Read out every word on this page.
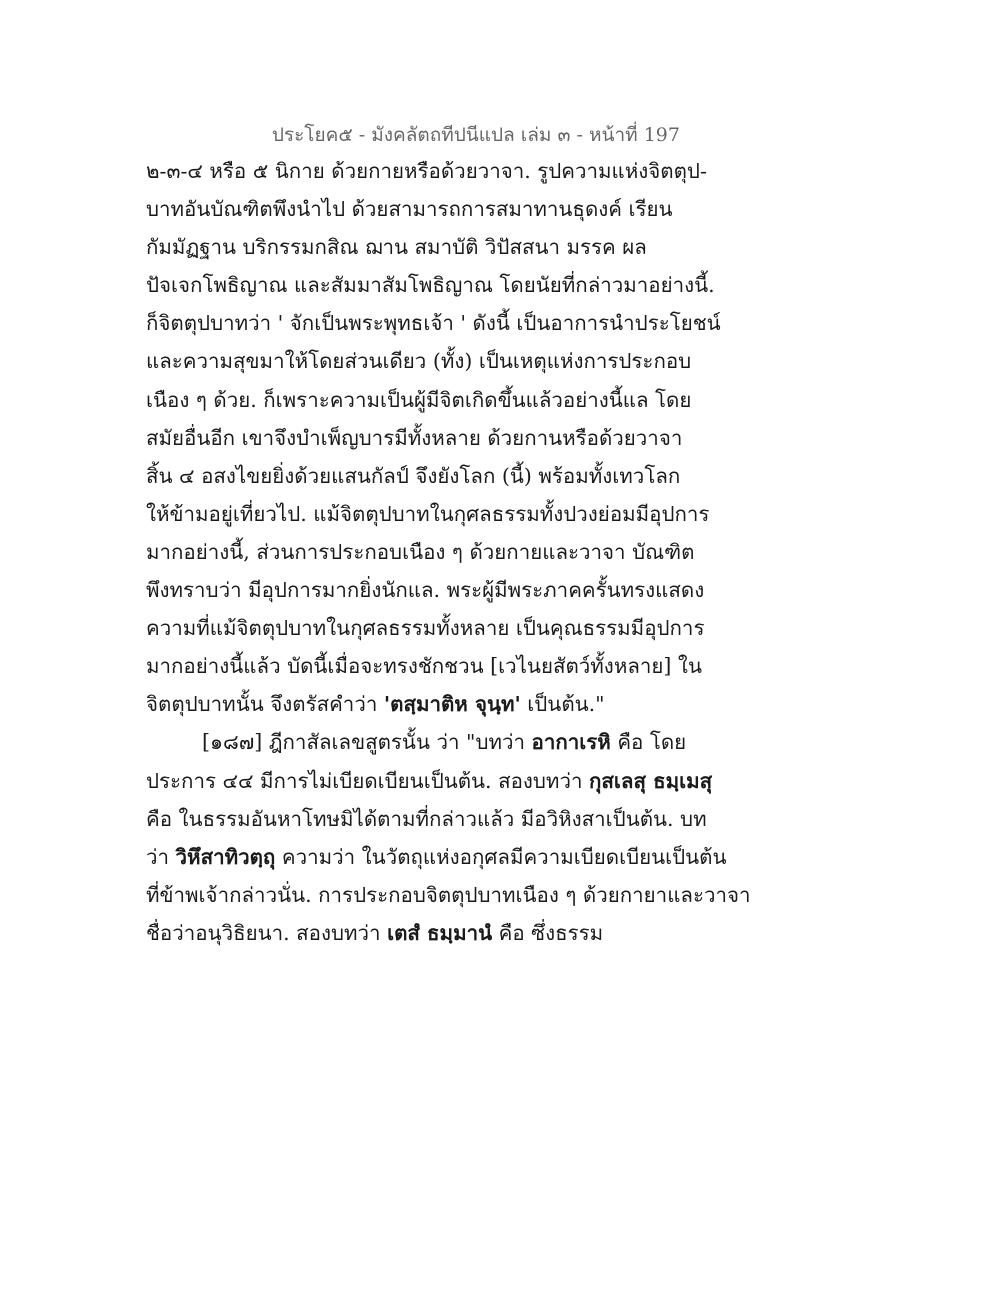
ประโยค๕ - มังคลัตถทีปนีแปล เล่ม ๓ - หน้าที่ 197
๒-๓-๔ หรือ ๕ นิกาย ด้วยกายหรือด้วยวาจา. รูปความแห่งจิตตุป-
บาทอันบัณฑิตพึงนำไป ด้วยสามารถการสมาทานธุดงค์ เรียน
กัมมัฏฐาน บริกรรมกสิณ ฌาน สมาบัติ วิปัสสนา มรรค ผล
ปัจเจกโพธิญาณ และสัมมาสัมโพธิญาณ โดยนัยที่กล่าวมาอย่างนี้.
ก็จิตตุปบาทว่า ' จักเป็นพระพุทธเจ้า ' ดังนี้ เป็นอาการนำประโยชน์
และความสุขมาให้โดยส่วนเดียว (ทั้ง) เป็นเหตุแห่งการประกอบ
เนือง ๆ ด้วย. ก็เพราะความเป็นผู้มีจิตเกิดขึ้นแล้วอย่างนี้แล โดย
สมัยอื่นอีก เขาจึงบำเพ็ญบารมีทั้งหลาย ด้วยกานหรือด้วยวาจา
สิ้น ๔ อสงไขยยิ่งด้วยแสนกัลป์ จึงยังโลก (นี้) พร้อมทั้งเทวโลก
ให้ข้ามอยู่เที่ยวไป. แม้จิตตุปบาทในกุศลธรรมทั้งปวงย่อมมีอุปการ
มากอย่างนี้, ส่วนการประกอบเนือง ๆ ด้วยกายและวาจา บัณฑิต
พึงทราบว่า มีอุปการมากยิ่งนักแล. พระผู้มีพระภาคครั้นทรงแสดง
ความที่แม้จิตตุปบาทในกุศลธรรมทั้งหลาย เป็นคุณธรรมมีอุปการ
มากอย่างนี้แล้ว บัดนี้เมื่อจะทรงชักชวน [เวไนยสัตว์ทั้งหลาย] ใน
จิตตุปบาทนั้น จึงตรัสคำว่า 'ตสฺมาติห จุนฺท' เป็นต้น."
[๑๘๗] ฎีกาสัลเลขสูตรนั้น ว่า "บทว่า อากาเรหิ คือ โดย
ประการ ๔๔ มีการไม่เบียดเบียนเป็นต้น. สองบทว่า กุสเลสุ ธมฺเมสุ
คือ ในธรรมอันหาโทษมิได้ตามที่กล่าวแล้ว มีอวิหิงสาเป็นต้น. บท
ว่า วิหึสาทิวตฺถุ ความว่า ในวัตถุแห่งอกุศลมีความเบียดเบียนเป็นต้น
ที่ข้าพเจ้ากล่าวนั่น. การประกอบจิตตุปบาทเนือง ๆ ด้วยกายาและวาจา
ชื่อว่าอนุวิธิยนา. สองบทว่า เตสํ ธมฺมานํ คือ ซึ่งธรรม
